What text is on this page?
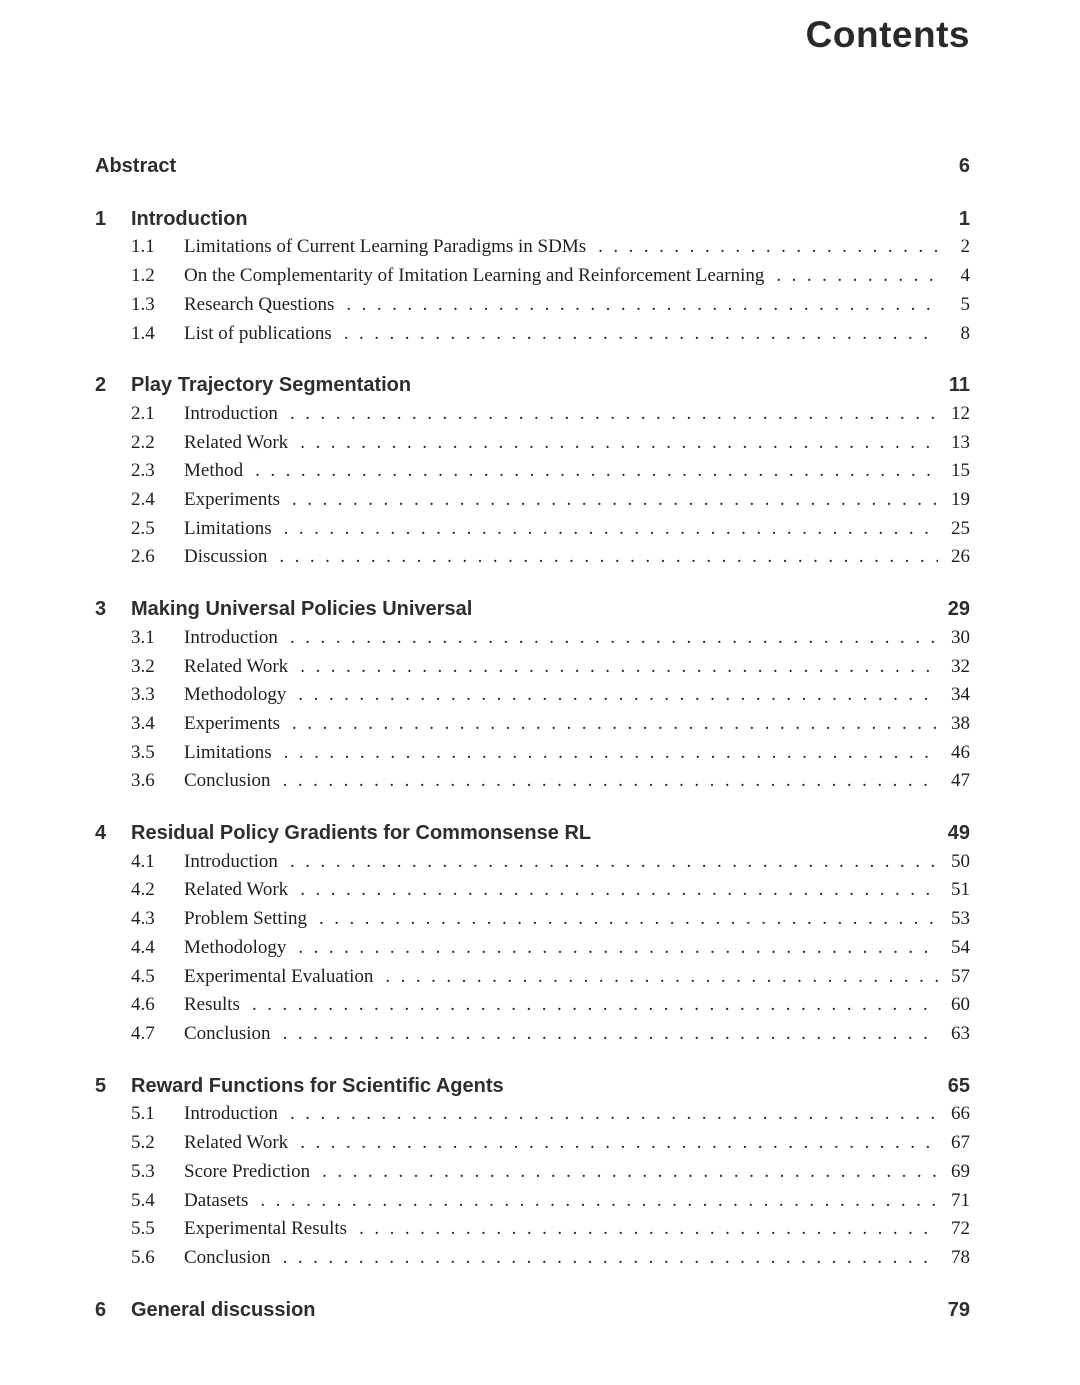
Contents
Abstract	6
1	Introduction	1
1.1	Limitations of Current Learning Paradigms in SDMs .....	2
1.2	On the Complementarity of Imitation Learning and Reinforcement Learning .....	4
1.3	Research Questions .....	5
1.4	List of publications .....	8
2	Play Trajectory Segmentation	11
2.1	Introduction .....	12
2.2	Related Work .....	13
2.3	Method .....	15
2.4	Experiments .....	19
2.5	Limitations .....	25
2.6	Discussion .....	26
3	Making Universal Policies Universal	29
3.1	Introduction .....	30
3.2	Related Work .....	32
3.3	Methodology .....	34
3.4	Experiments .....	38
3.5	Limitations .....	46
3.6	Conclusion .....	47
4	Residual Policy Gradients for Commonsense RL	49
4.1	Introduction .....	50
4.2	Related Work .....	51
4.3	Problem Setting .....	53
4.4	Methodology .....	54
4.5	Experimental Evaluation .....	57
4.6	Results .....	60
4.7	Conclusion .....	63
5	Reward Functions for Scientific Agents	65
5.1	Introduction .....	66
5.2	Related Work .....	67
5.3	Score Prediction .....	69
5.4	Datasets .....	71
5.5	Experimental Results .....	72
5.6	Conclusion .....	78
6	General discussion	79
